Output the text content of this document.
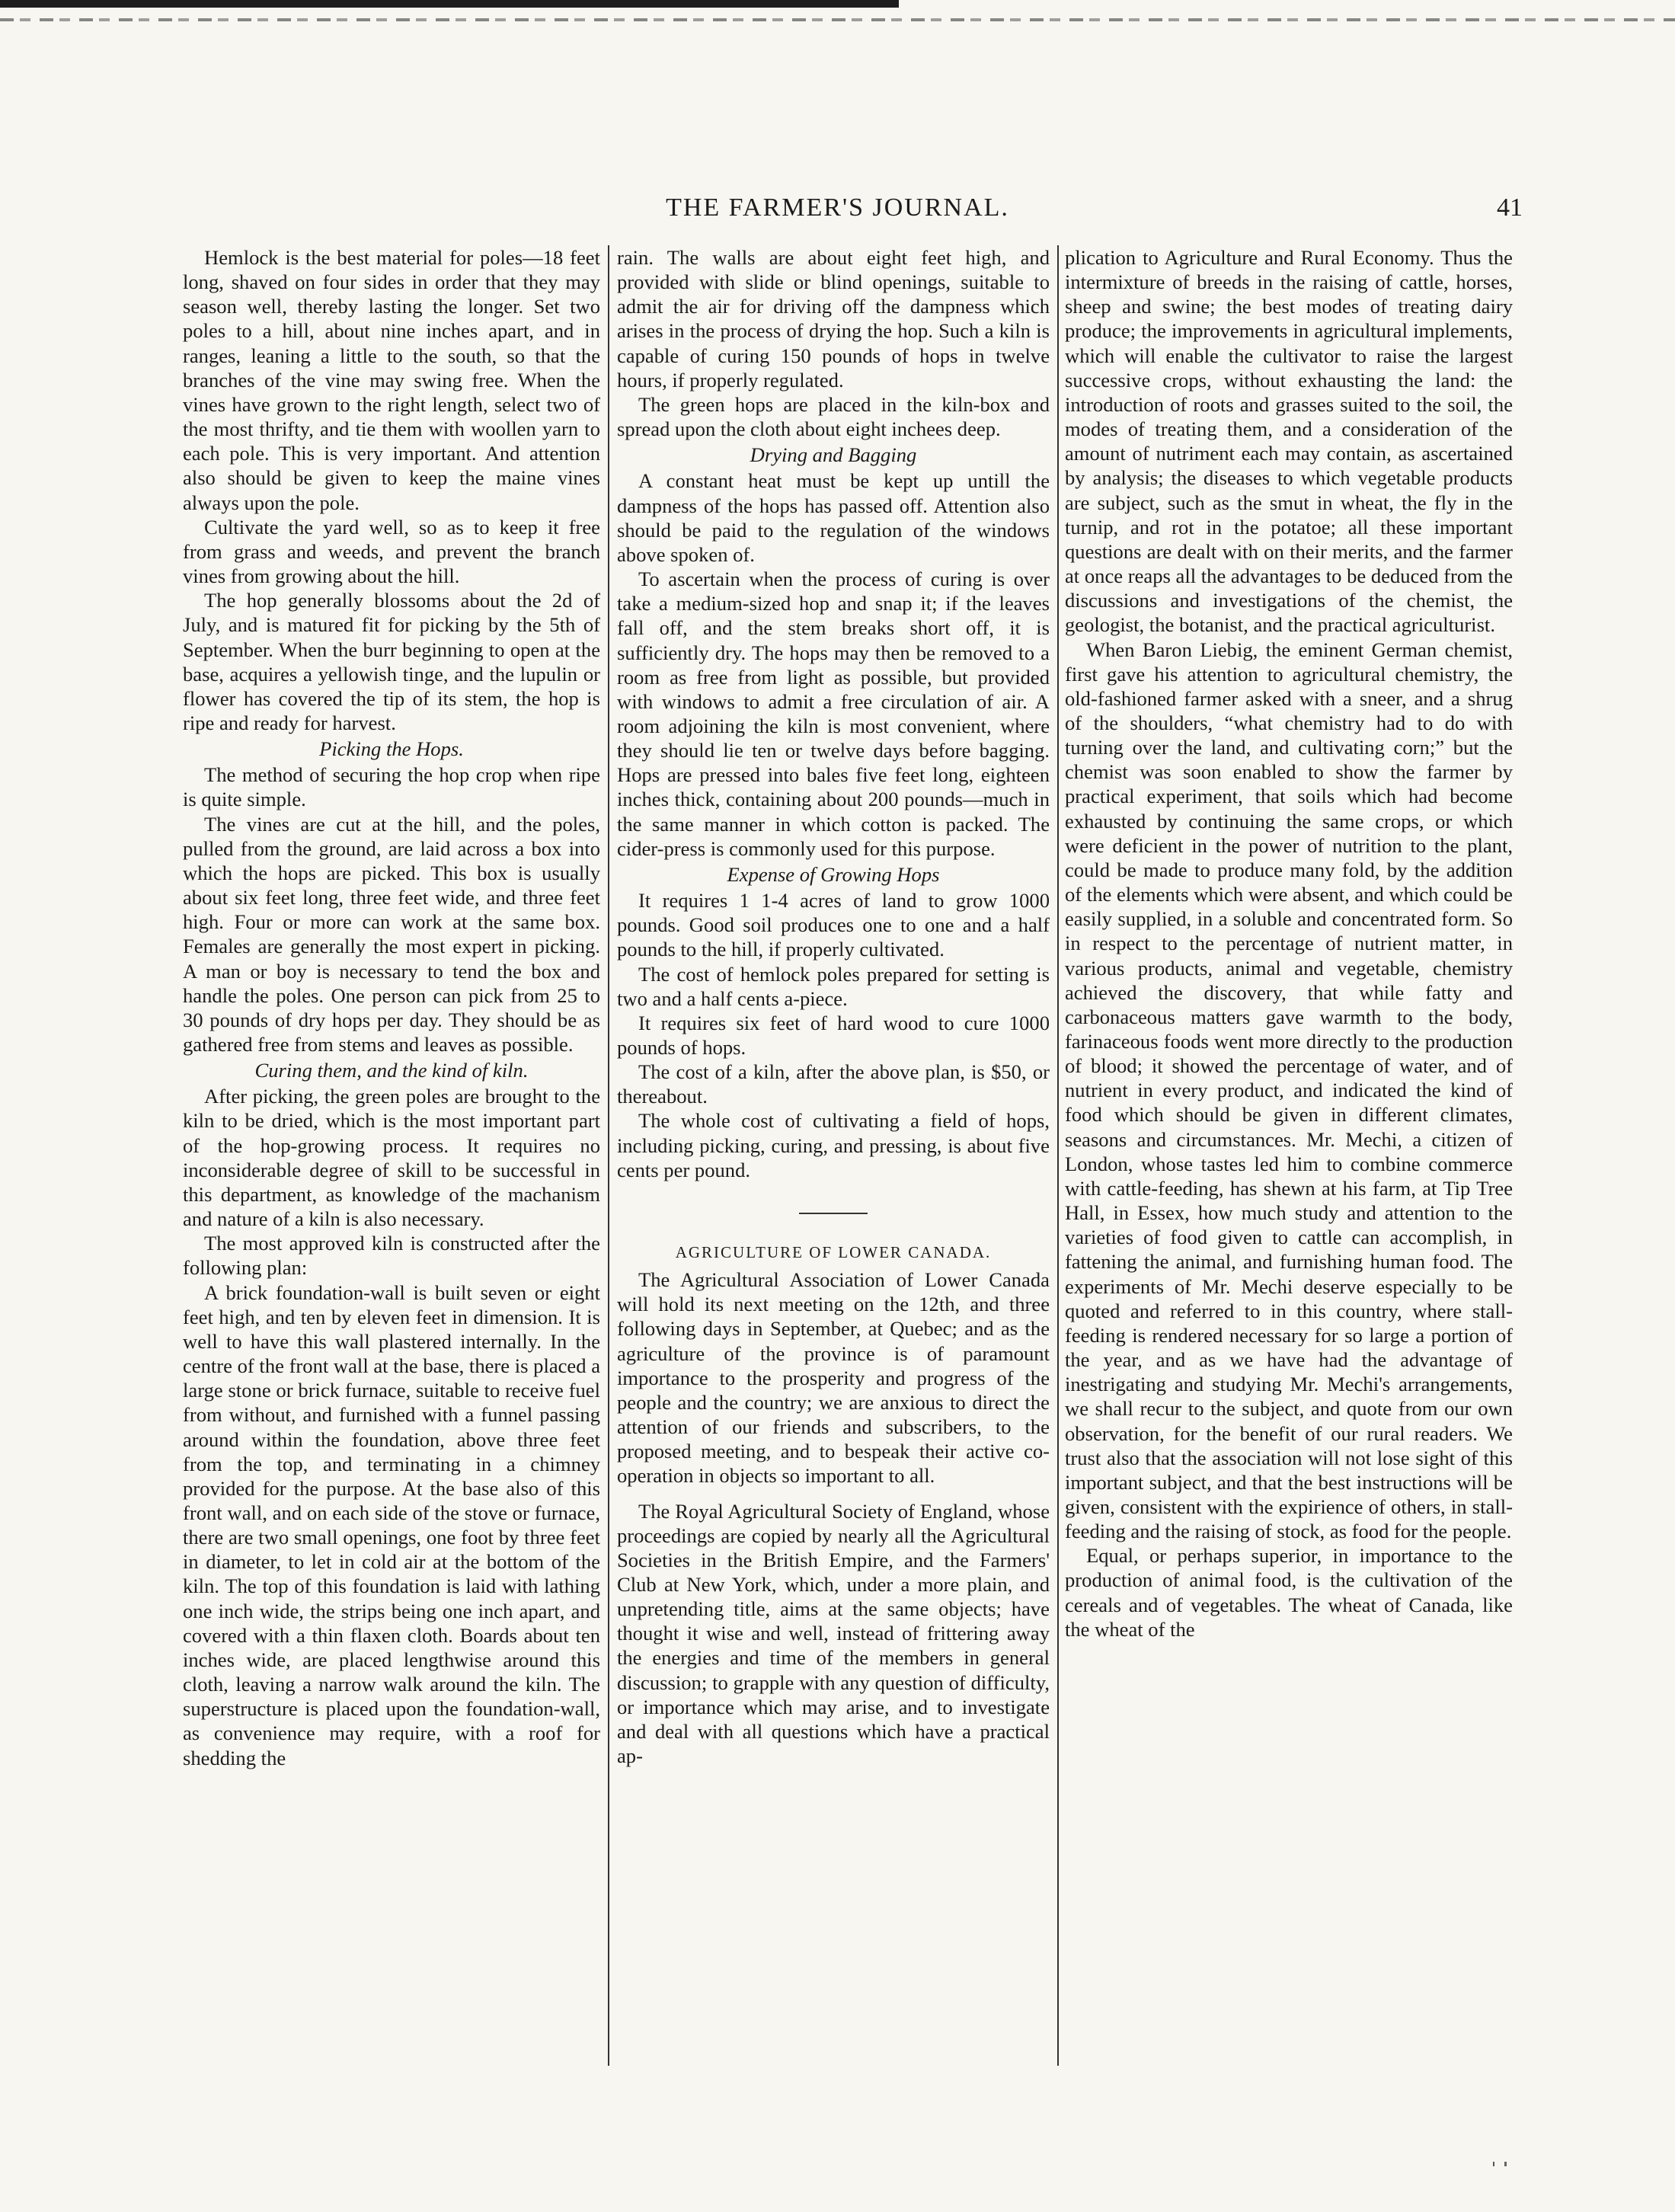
THE FARMER'S JOURNAL.	41

Hemlock is the best material for poles—18 feet long, shaved on four sides in order that they may season well, thereby lasting the longer. Set two poles to a hill, about nine inches apart, and in ranges, leaning a little to the south, so that the branches of the vine may swing free. When the vines have grown to the right length, select two of the most thrifty, and tie them with woollen yarn to each pole. This is very important. And attention also should be given to keep the maine vines always upon the pole.

Cultivate the yard well, so as to keep it free from grass and weeds, and prevent the branch vines from growing about the hill.

The hop generally blossoms about the 2d of July, and is matured fit for picking by the 5th of September. When the burr beginning to open at the base, acquires a yellowish tinge, and the lupulin or flower has covered the tip of its stem, the hop is ripe and ready for harvest.

Picking the Hops.

The method of securing the hop crop when ripe is quite simple.

The vines are cut at the hill, and the poles, pulled from the ground, are laid across a box into which the hops are picked. This box is usually about six feet long, three feet wide, and three feet high. Four or more can work at the same box. Females are generally the most expert in picking. A man or boy is necessary to tend the box and handle the poles. One person can pick from 25 to 30 pounds of dry hops per day. They should be as gathered free from stems and leaves as possible.

Curing them, and the kind of kiln.

After picking, the green poles are brought to the kiln to be dried, which is the most important part of the hop-growing process. It requires no inconsiderable degree of skill to be successful in this department, as knowledge of the machanism and nature of a kiln is also necessary.

The most approved kiln is constructed after the following plan:

A brick foundation-wall is built seven or eight feet high, and ten by eleven feet in dimension. It is well to have this wall plastered internally. In the centre of the front wall at the base, there is placed a large stone or brick furnace, suitable to receive fuel from without, and furnished with a funnel passing around within the foundation, above three feet from the top, and terminating in a chimney provided for the purpose. At the base also of this front wall, and on each side of the stove or furnace, there are two small openings, one foot by three feet in diameter, to let in cold air at the bottom of the kiln. The top of this foundation is laid with lathing one inch wide, the strips being one inch apart, and covered with a thin flaxen cloth. Boards about ten inches wide, are placed lengthwise around this cloth, leaving a narrow walk around the kiln. The superstructure is placed upon the foundation-wall, as convenience may require, with a roof for shedding the

rain. The walls are about eight feet high, and provided with slide or blind openings, suitable to admit the air for driving off the dampness which arises in the process of drying the hop. Such a kiln is capable of curing 150 pounds of hops in twelve hours, if properly regulated.

The green hops are placed in the kiln-box and spread upon the cloth about eight inchees deep.

Drying and Bagging

A constant heat must be kept up untill the dampness of the hops has passed off. Attention also should be paid to the regulation of the windows above spoken of.

To ascertain when the process of curing is over take a medium-sized hop and snap it; if the leaves fall off, and the stem breaks short off, it is sufficiently dry. The hops may then be removed to a room as free from light as possible, but provided with windows to admit a free circulation of air. A room adjoining the kiln is most convenient, where they should lie ten or twelve days before bagging. Hops are pressed into bales five feet long, eighteen inches thick, containing about 200 pounds—much in the same manner in which cotton is packed. The cider-press is commonly used for this purpose.

Expense of Growing Hops

It requires 1 1-4 acres of land to grow 1000 pounds. Good soil produces one to one and a half pounds to the hill, if properly cultivated.

The cost of hemlock poles prepared for setting is two and a half cents a-piece.

It requires six feet of hard wood to cure 1000 pounds of hops.

The cost of a kiln, after the above plan, is $50, or thereabout.

The whole cost of cultivating a field of hops, including picking, curing, and pressing, is about five cents per pound.

AGRICULTURE OF LOWER CANADA.

The Agricultural Association of Lower Canada will hold its next meeting on the 12th, and three following days in September, at Quebec; and as the agriculture of the province is of paramount importance to the prosperity and progress of the people and the country; we are anxious to direct the attention of our friends and subscribers, to the proposed meeting, and to bespeak their active co-operation in objects so important to all.

The Royal Agricultural Society of England, whose proceedings are copied by nearly all the Agricultural Societies in the British Empire, and the Farmers' Club at New York, which, under a more plain, and unpretending title, aims at the same objects; have thought it wise and well, instead of frittering away the energies and time of the members in general discussion; to grapple with any question of difficulty, or importance which may arise, and to investigate and deal with all questions which have a practical ap-

plication to Agriculture and Rural Economy. Thus the intermixture of breeds in the raising of cattle, horses, sheep and swine; the best modes of treating dairy produce; the improvements in agricultural implements, which will enable the cultivator to raise the largest successive crops, without exhausting the land: the introduction of roots and grasses suited to the soil, the modes of treating them, and a consideration of the amount of nutriment each may contain, as ascertained by analysis; the diseases to which vegetable products are subject, such as the smut in wheat, the fly in the turnip, and rot in the potatoe; all these important questions are dealt with on their merits, and the farmer at once reaps all the advantages to be deduced from the discussions and investigations of the chemist, the geologist, the botanist, and the practical agriculturist.

When Baron Liebig, the eminent German chemist, first gave his attention to agricultural chemistry, the old-fashioned farmer asked with a sneer, and a shrug of the shoulders, “what chemistry had to do with turning over the land, and cultivating corn;” but the chemist was soon enabled to show the farmer by practical experiment, that soils which had become exhausted by continuing the same crops, or which were deficient in the power of nutrition to the plant, could be made to produce many fold, by the addition of the elements which were absent, and which could be easily supplied, in a soluble and concentrated form. So in respect to the percentage of nutrient matter, in various products, animal and vegetable, chemistry achieved the discovery, that while fatty and carbonaceous matters gave warmth to the body, farinaceous foods went more directly to the production of blood; it showed the percentage of water, and of nutrient in every product, and indicated the kind of food which should be given in different climates, seasons and circumstances. Mr. Mechi, a citizen of London, whose tastes led him to combine commerce with cattle-feeding, has shewn at his farm, at Tip Tree Hall, in Essex, how much study and attention to the varieties of food given to cattle can accomplish, in fattening the animal, and furnishing human food. The experiments of Mr. Mechi deserve especially to be quoted and referred to in this country, where stall-feeding is rendered necessary for so large a portion of the year, and as we have had the advantage of inestrigating and studying Mr. Mechi's arrangements, we shall recur to the subject, and quote from our own observation, for the benefit of our rural readers. We trust also that the association will not lose sight of this important subject, and that the best instructions will be given, consistent with the expirience of others, in stall-feeding and the raising of stock, as food for the people.

Equal, or perhaps superior, in importance to the production of animal food, is the cultivation of the cereals and of vegetables. The wheat of Canada, like the wheat of the
